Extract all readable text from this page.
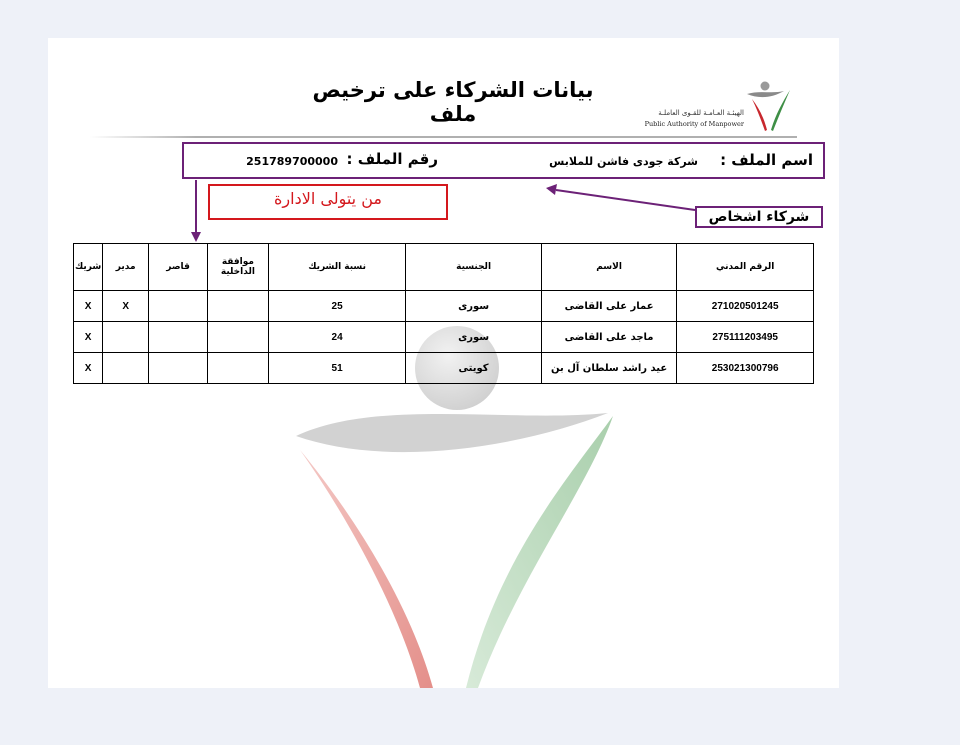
بيانات الشركاء على ترخيص ملف	الهيئـة العـامـة للقـوى العاملـة
Public Authority of Manpower
اسم الملف :
شركة جودى فاشن للملابس
رقم الملف :
251789700000
من يتولى الادارة
شركاء اشخاص
الرقم المدني	الاسم	الجنسية	نسبة الشريك	موافقة الداخلية	قاصر	مدير	شريك
271020501245	عمار على القاضى	سورى	25			X	X
275111203495	ماجد على القاضى	سورى	24				X
253021300796	عيد راشد سلطان آل بن	كويتى	51				X
